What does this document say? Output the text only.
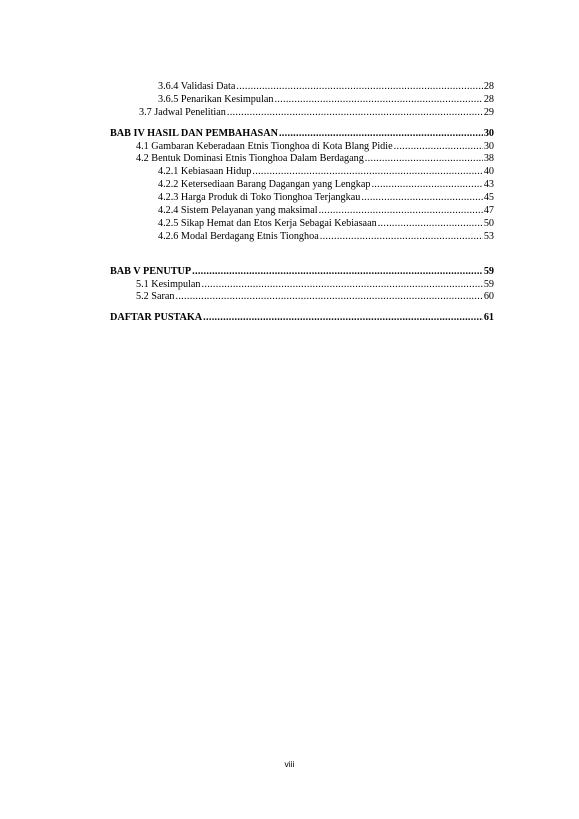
3.6.4 Validasi Data .....	28
3.6.5 Penarikan Kesimpulan .....	28
3.7 Jadwal Penelitian .....	29
BAB IV HASIL DAN PEMBAHASAN .....	30
4.1 Gambaran Keberadaan Etnis Tionghoa di Kota Blang Pidie .....	30
4.2 Bentuk Dominasi Etnis Tionghoa Dalam Berdagang .....	38
4.2.1 Kebiasaan Hidup .....	40
4.2.2 Ketersediaan Barang Dagangan yang Lengkap .....	43
4.2.3 Harga Produk di Toko Tionghoa Terjangkau .....	45
4.2.4 Sistem Pelayanan yang maksimal .....	47
4.2.5 Sikap Hemat dan Etos Kerja Sebagai Kebiasaan .....	50
4.2.6 Modal Berdagang Etnis Tionghoa .....	53
BAB V PENUTUP .....	59
5.1 Kesimpulan .....	59
5.2 Saran .....	60
DAFTAR PUSTAKA .....	61
viii
